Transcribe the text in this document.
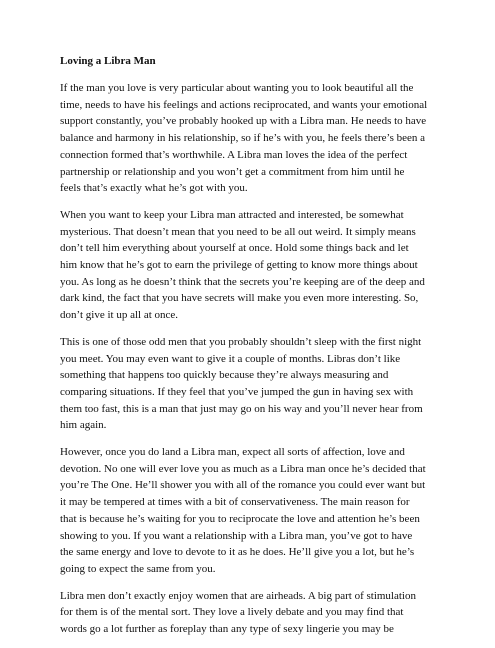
Loving a Libra Man

If the man you love is very particular about wanting you to look beautiful all the
time, needs to have his feelings and actions reciprocated, and wants your emotional
support constantly, you’ve probably hooked up with a Libra man. He needs to have
balance and harmony in his relationship, so if he’s with you, he feels there’s been a
connection formed that’s worthwhile. A Libra man loves the idea of the perfect
partnership or relationship and you won’t get a commitment from him until he
feels that’s exactly what he’s got with you.

When you want to keep your Libra man attracted and interested, be somewhat
mysterious. That doesn’t mean that you need to be all out weird. It simply means
don’t tell him everything about yourself at once. Hold some things back and let
him know that he’s got to earn the privilege of getting to know more things about
you. As long as he doesn’t think that the secrets you’re keeping are of the deep and
dark kind, the fact that you have secrets will make you even more interesting. So,
don’t give it up all at once.

This is one of those odd men that you probably shouldn’t sleep with the first night
you meet. You may even want to give it a couple of months. Libras don’t like
something that happens too quickly because they’re always measuring and
comparing situations. If they feel that you’ve jumped the gun in having sex with
them too fast, this is a man that just may go on his way and you’ll never hear from
him again.

However, once you do land a Libra man, expect all sorts of affection, love and
devotion. No one will ever love you as much as a Libra man once he’s decided that
you’re The One. He’ll shower you with all of the romance you could ever want but
it may be tempered at times with a bit of conservativeness. The main reason for
that is because he’s waiting for you to reciprocate the love and attention he’s been
showing to you. If you want a relationship with a Libra man, you’ve got to have
the same energy and love to devote to it as he does. He’ll give you a lot, but he’s
going to expect the same from you.

Libra men don’t exactly enjoy women that are airheads. A big part of stimulation
for them is of the mental sort. They love a lively debate and you may find that
words go a lot further as foreplay than any type of sexy lingerie you may be
